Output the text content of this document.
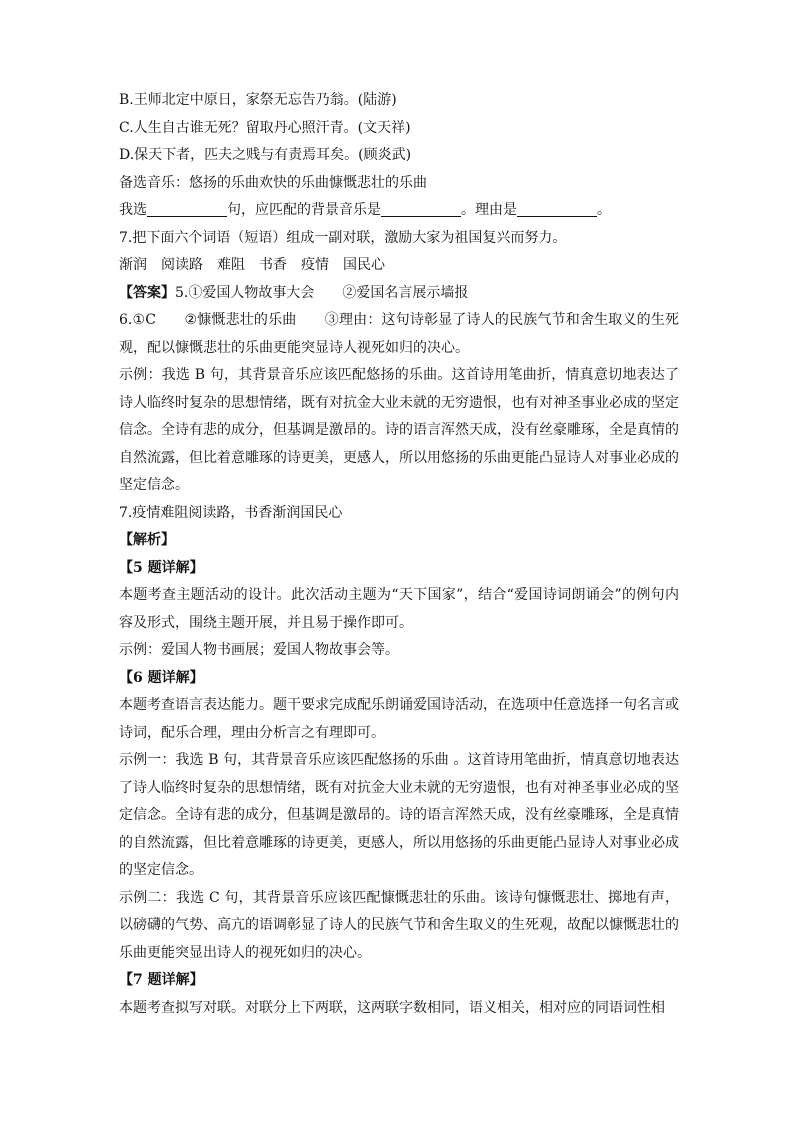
B.王师北定中原日，家祭无忘告乃翁。(陆游)
C.人生自古谁无死？留取丹心照汗青。(文天祥)
D.保天下者，匹夫之贱与有责焉耳矣。(顾炎武)
备选音乐：悠扬的乐曲欢快的乐曲慷慨悲壮的乐曲
我选	句，应匹配的背景音乐是	。理由是	。
7.把下面六个词语（短语）组成一副对联，激励大家为祖国复兴而努力。
渐润 阅读路 难阻 书香 疫情 国民心
【答案】5.①爱国人物故事大会　　②爱国名言展示墙报
6.①C　　②慷慨悲壮的乐曲　　③理由：这句诗彰显了诗人的民族气节和舍生取义的生死观，配以慷慨悲壮的乐曲更能突显诗人视死如归的决心。
示例：我选 B 句，其背景音乐应该匹配悠扬的乐曲。这首诗用笔曲折，情真意切地表达了诗人临终时复杂的思想情绪，既有对抗金大业未就的无穷遗恨，也有对神圣事业必成的坚定信念。全诗有悲的成分，但基调是激昂的。诗的语言浑然天成，没有丝豪雕琢，全是真情的自然流露，但比着意雕琢的诗更美，更感人，所以用悠扬的乐曲更能凸显诗人对事业必成的坚定信念。
7.疫情难阻阅读路，书香渐润国民心
【解析】
【5 题详解】
本题考查主题活动的设计。此次活动主题为“天下国家”，结合“爱国诗词朗诵会”的例句内容及形式，围绕主题开展，并且易于操作即可。
示例：爱国人物书画展；爱国人物故事会等。
【6 题详解】
本题考查语言表达能力。题干要求完成配乐朗诵爱国诗活动，在选项中任意选择一句名言或诗词，配乐合理，理由分析言之有理即可。
示例一：我选 B 句，其背景音乐应该匹配悠扬的乐曲 。这首诗用笔曲折，情真意切地表达了诗人临终时复杂的思想情绪，既有对抗金大业未就的无穷遗恨，也有对神圣事业必成的坚定信念。全诗有悲的成分，但基调是激昂的。诗的语言浑然天成，没有丝豪雕琢，全是真情的自然流露，但比着意雕琢的诗更美，更感人，所以用悠扬的乐曲更能凸显诗人对事业必成的坚定信念。
示例二：我选 C 句，其背景音乐应该匹配慷慨悲壮的乐曲。该诗句慷慨悲壮、掷地有声，以磅礴的气势、高亢的语调彰显了诗人的民族气节和舍生取义的生死观，故配以慷慨悲壮的乐曲更能突显出诗人的视死如归的决心。
【7 题详解】
本题考查拟写对联。对联分上下两联，这两联字数相同，语义相关，相对应的同语词性相
